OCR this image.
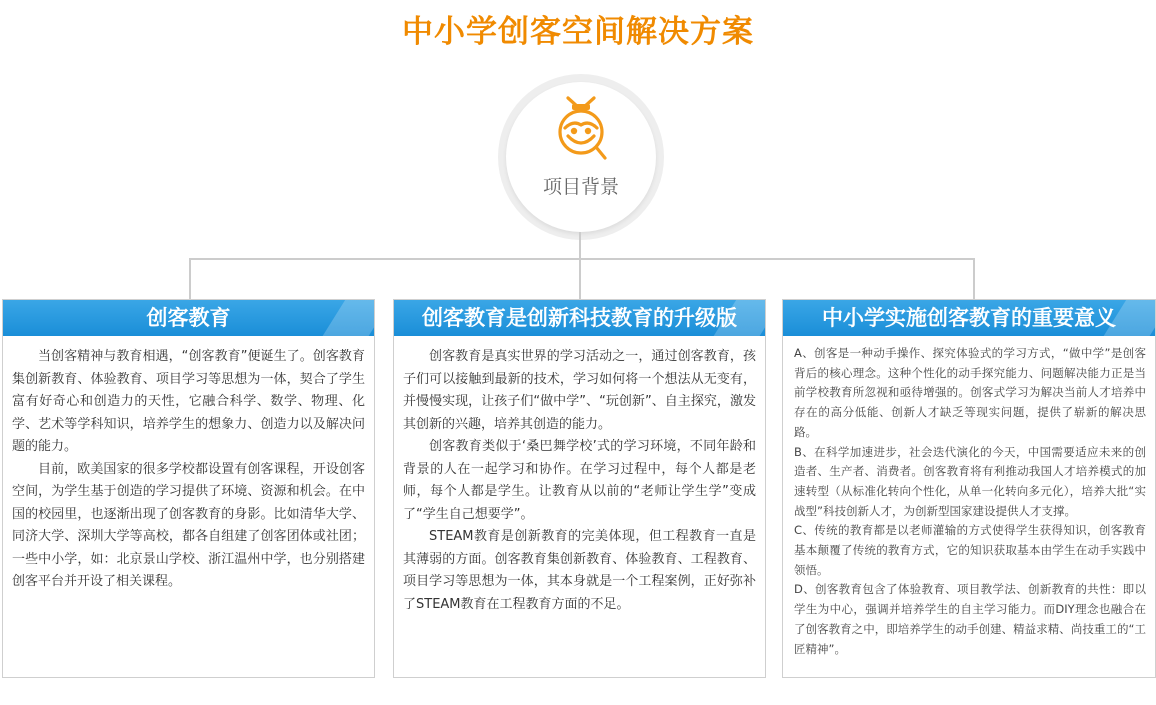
中小学创客空间解决方案
项目背景
创客教育

当创客精神与教育相遇，“创客教育”便诞生了。创客教育集创新教育、体验教育、项目学习等思想为一体，契合了学生富有好奇心和创造力的天性，它融合科学、数学、物理、化学、艺术等学科知识，培养学生的想象力、创造力以及解决问题的能力。

目前，欧美国家的很多学校都设置有创客课程，开设创客空间，为学生基于创造的学习提供了环境、资源和机会。在中国的校园里，也逐渐出现了创客教育的身影。比如清华大学、同济大学、深圳大学等高校，都各自组建了创客团体或社团；一些中小学，如：北京景山学校、浙江温州中学，也分别搭建创客平台并开设了相关课程。

创客教育是创新科技教育的升级版

创客教育是真实世界的学习活动之一，通过创客教育，孩子们可以接触到最新的技术，学习如何将一个想法从无变有，并慢慢实现，让孩子们“做中学”、“玩创新”、自主探究，激发其创新的兴趣，培养其创造的能力。

创客教育类似于‘桑巴舞学校’式的学习环境，不同年龄和背景的人在一起学习和协作。在学习过程中，每个人都是老师，每个人都是学生。让教育从以前的“老师让学生学”变成了“学生自己想要学”。

STEAM教育是创新教育的完美体现，但工程教育一直是其薄弱的方面。创客教育集创新教育、体验教育、工程教育、项目学习等思想为一体，其本身就是一个工程案例，正好弥补了STEAM教育在工程教育方面的不足。

中小学实施创客教育的重要意义

A、创客是一种动手操作、探究体验式的学习方式，“做中学”是创客背后的核心理念。这种个性化的动手探究能力、问题解决能力正是当前学校教育所忽视和亟待增强的。创客式学习为解决当前人才培养中存在的高分低能、创新人才缺乏等现实问题，提供了崭新的解决思路。

B、在科学加速进步，社会迭代演化的今天，中国需要适应未来的创造者、生产者、消费者。创客教育将有利推动我国人才培养模式的加速转型（从标准化转向个性化，从单一化转向多元化），培养大批“实战型”科技创新人才，为创新型国家建设提供人才支撑。

C、传统的教育都是以老师灌输的方式使得学生获得知识，创客教育基本颠覆了传统的教育方式，它的知识获取基本由学生在动手实践中领悟。

D、创客教育包含了体验教育、项目教学法、创新教育的共性：即以学生为中心，强调并培养学生的自主学习能力。而DIY理念也融合在了创客教育之中，即培养学生的动手创建、精益求精、尚技重工的“工匠精神”。
